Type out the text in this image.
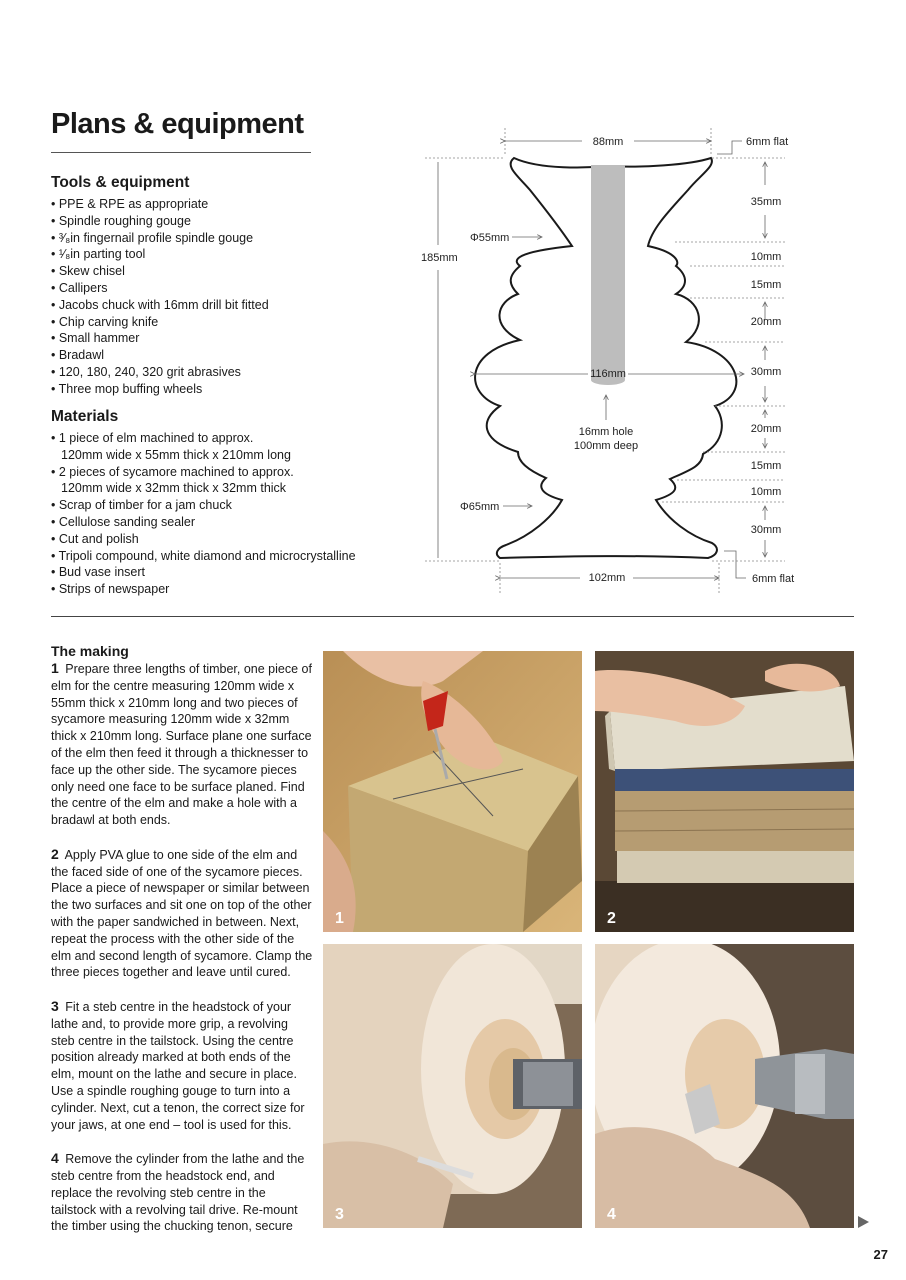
Plans & equipment
Tools & equipment
• PPE & RPE as appropriate
• Spindle roughing gouge
• ³⁄₈in fingernail profile spindle gouge
• ¹⁄₈in parting tool
• Skew chisel
• Callipers
• Jacobs chuck with 16mm drill bit fitted
• Chip carving knife
• Small hammer
• Bradawl
• 120, 180, 240, 320 grit abrasives
• Three mop buffing wheels
Materials
• 1 piece of elm machined to approx.
120mm wide x 55mm thick x 210mm long
• 2 pieces of sycamore machined to approx.
120mm wide x 32mm thick x 32mm thick
• Scrap of timber for a jam chuck
• Cellulose sanding sealer
• Cut and polish
• Tripoli compound, white diamond and microcrystalline
• Bud vase insert
• Strips of newspaper
88mm	6mm flat
185mm
Φ55mm
116mm
16mm hole
100mm deep
Φ65mm
102mm	6mm flat
35mm
10mm
15mm
20mm
30mm
20mm
15mm
10mm
30mm
The making

1 Prepare three lengths of timber, one piece of elm for the centre measuring 120mm wide x 55mm thick x 210mm long and two pieces of sycamore measuring 120mm wide x 32mm thick x 210mm long. Surface plane one surface of the elm then feed it through a thicknesser to face up the other side. The sycamore pieces only need one face to be surface planed. Find the centre of the elm and make a hole with a bradawl at both ends.

2 Apply PVA glue to one side of the elm and the faced side of one of the sycamore pieces. Place a piece of newspaper or similar between the two surfaces and sit one on top of the other with the paper sandwiched in between. Next, repeat the process with the other side of the elm and second length of sycamore. Clamp the three pieces together and leave until cured.

3 Fit a steb centre in the headstock of your lathe and, to provide more grip, a revolving steb centre in the tailstock. Using the centre position already marked at both ends of the elm, mount on the lathe and secure in place. Use a spindle roughing gouge to turn into a cylinder. Next, cut a tenon, the correct size for your jaws, at one end – tool is used for this.

4 Remove the cylinder from the lathe and the steb centre from the headstock end, and replace the revolving steb centre in the tailstock with a revolving tail drive. Re-mount the timber using the chucking tenon, secure

1	2
3	4
27
